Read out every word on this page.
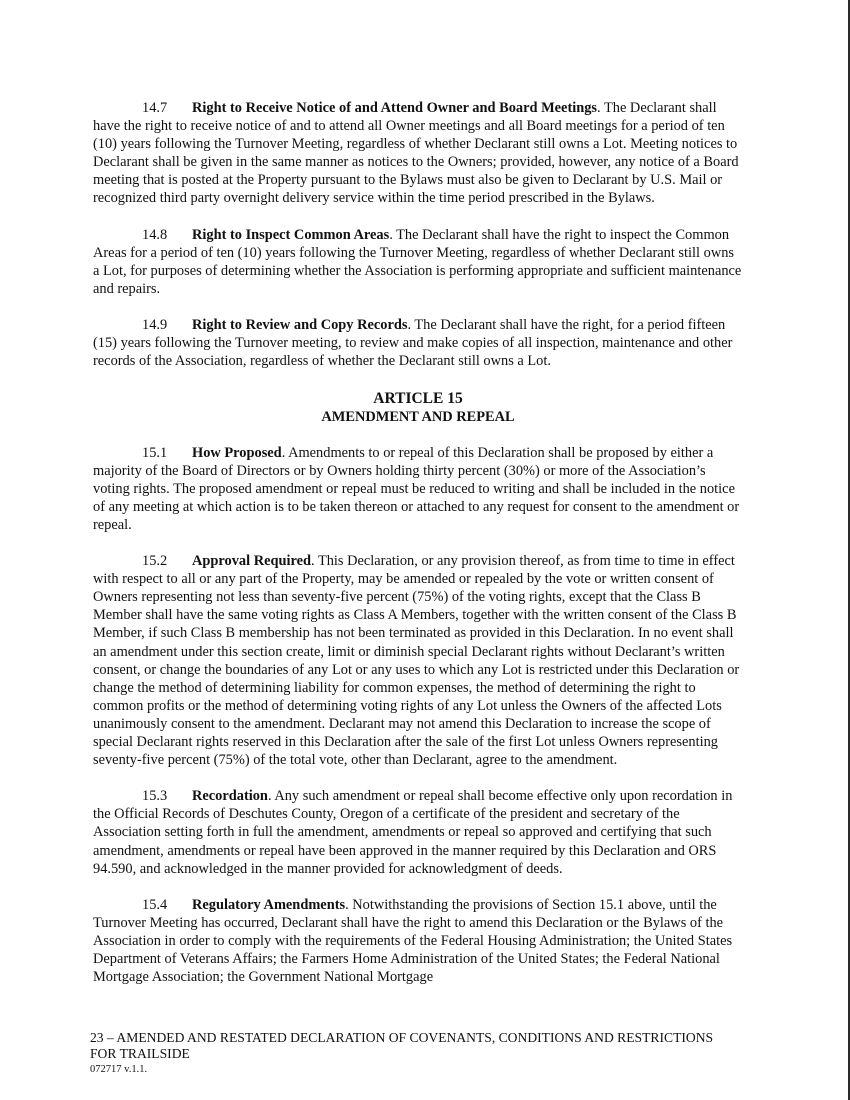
14.7 Right to Receive Notice of and Attend Owner and Board Meetings. The Declarant shall have the right to receive notice of and to attend all Owner meetings and all Board meetings for a period of ten (10) years following the Turnover Meeting, regardless of whether Declarant still owns a Lot. Meeting notices to Declarant shall be given in the same manner as notices to the Owners; provided, however, any notice of a Board meeting that is posted at the Property pursuant to the Bylaws must also be given to Declarant by U.S. Mail or recognized third party overnight delivery service within the time period prescribed in the Bylaws.

14.8 Right to Inspect Common Areas. The Declarant shall have the right to inspect the Common Areas for a period of ten (10) years following the Turnover Meeting, regardless of whether Declarant still owns a Lot, for purposes of determining whether the Association is performing appropriate and sufficient maintenance and repairs.

14.9 Right to Review and Copy Records. The Declarant shall have the right, for a period fifteen (15) years following the Turnover meeting, to review and make copies of all inspection, maintenance and other records of the Association, regardless of whether the Declarant still owns a Lot.

ARTICLE 15
AMENDMENT AND REPEAL

15.1 How Proposed. Amendments to or repeal of this Declaration shall be proposed by either a majority of the Board of Directors or by Owners holding thirty percent (30%) or more of the Association’s voting rights. The proposed amendment or repeal must be reduced to writing and shall be included in the notice of any meeting at which action is to be taken thereon or attached to any request for consent to the amendment or repeal.

15.2 Approval Required. This Declaration, or any provision thereof, as from time to time in effect with respect to all or any part of the Property, may be amended or repealed by the vote or written consent of Owners representing not less than seventy-five percent (75%) of the voting rights, except that the Class B Member shall have the same voting rights as Class A Members, together with the written consent of the Class B Member, if such Class B membership has not been terminated as provided in this Declaration. In no event shall an amendment under this section create, limit or diminish special Declarant rights without Declarant’s written consent, or change the boundaries of any Lot or any uses to which any Lot is restricted under this Declaration or change the method of determining liability for common expenses, the method of determining the right to common profits or the method of determining voting rights of any Lot unless the Owners of the affected Lots unanimously consent to the amendment. Declarant may not amend this Declaration to increase the scope of special Declarant rights reserved in this Declaration after the sale of the first Lot unless Owners representing seventy-five percent (75%) of the total vote, other than Declarant, agree to the amendment.

15.3 Recordation. Any such amendment or repeal shall become effective only upon recordation in the Official Records of Deschutes County, Oregon of a certificate of the president and secretary of the Association setting forth in full the amendment, amendments or repeal so approved and certifying that such amendment, amendments or repeal have been approved in the manner required by this Declaration and ORS 94.590, and acknowledged in the manner provided for acknowledgment of deeds.

15.4 Regulatory Amendments. Notwithstanding the provisions of Section 15.1 above, until the Turnover Meeting has occurred, Declarant shall have the right to amend this Declaration or the Bylaws of the Association in order to comply with the requirements of the Federal Housing Administration; the United States Department of Veterans Affairs; the Farmers Home Administration of the United States; the Federal National Mortgage Association; the Government National Mortgage

23 – AMENDED AND RESTATED DECLARATION OF COVENANTS, CONDITIONS AND RESTRICTIONS
FOR TRAILSIDE
072717 v.1.1.
